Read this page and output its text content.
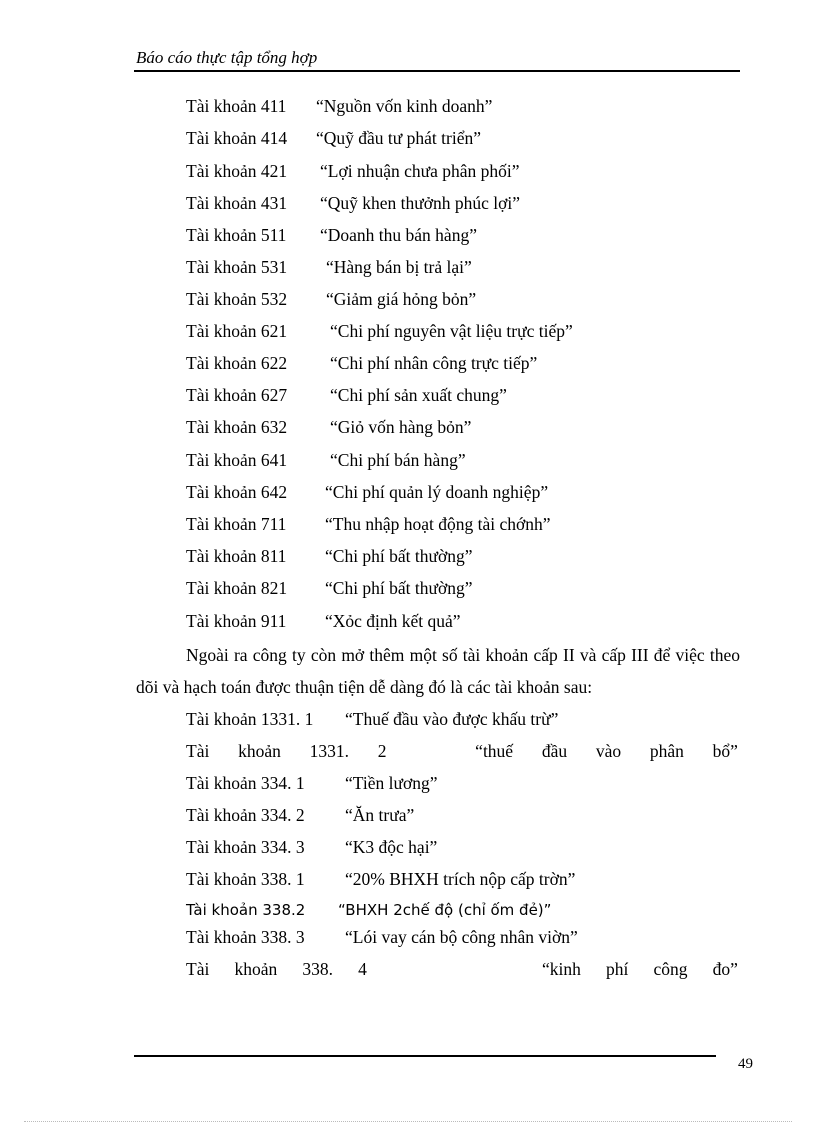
Báo cáo thực tập tổng hợp
Tài khoản 411 “Nguồn vốn kinh doanh”
Tài khoản 414 “Quỹ đầu tư phát triển”
Tài khoản 421 “Lợi nhuận chưa phân phối”
Tài khoản 431 “Quỹ khen thưởnh phúc lợi”
Tài khoản 511 “Doanh thu bán hàng”
Tài khoản 531 “Hàng bán bị trả lại”
Tài khoản 532 “Giảm giá hỏng bỏn”
Tài khoản 621 “Chi phí nguyên vật liệu trực tiếp”
Tài khoản 622 “Chi phí nhân công trực tiếp”
Tài khoản 627 “Chi phí sản xuất chung”
Tài khoản 632 “Giỏ vốn hàng bỏn”
Tài khoản 641 “Chi phí bán hàng”
Tài khoản 642 “Chi phí quản lý doanh nghiệp”
Tài khoản 711 “Thu nhập hoạt động tài chớnh”
Tài khoản 811 “Chi phí bất thường”
Tài khoản 821 “Chi phí bất thường”
Tài khoản 911 “Xỏc định kết quả”
Ngoài ra công ty còn mở thêm một số tài khoản cấp II và cấp III để việc theo dõi và hạch toán được thuận tiện dễ dàng đó là các tài khoản sau:
Tài khoản 1331. 1 “Thuế đầu vào được khấu trừ”
Tài khoản 1331. 2	“thuế đầu vào phân bổ”
Tài khoản 334. 1 “Tiền lương”
Tài khoản 334. 2 “Ăn trưa”
Tài khoản 334. 3 “K3 độc hại”
Tài khoản 338. 1 “20% BHXH trích nộp cấp trờn”
Tài khoản 338.2 “BHXH 2chế độ (chỉ ốm đẻ)”
Tài khoản 338. 3 “Lói vay cán bộ công nhân viờn”
Tài khoản 338. 4	“kinh phí công đo”
49
